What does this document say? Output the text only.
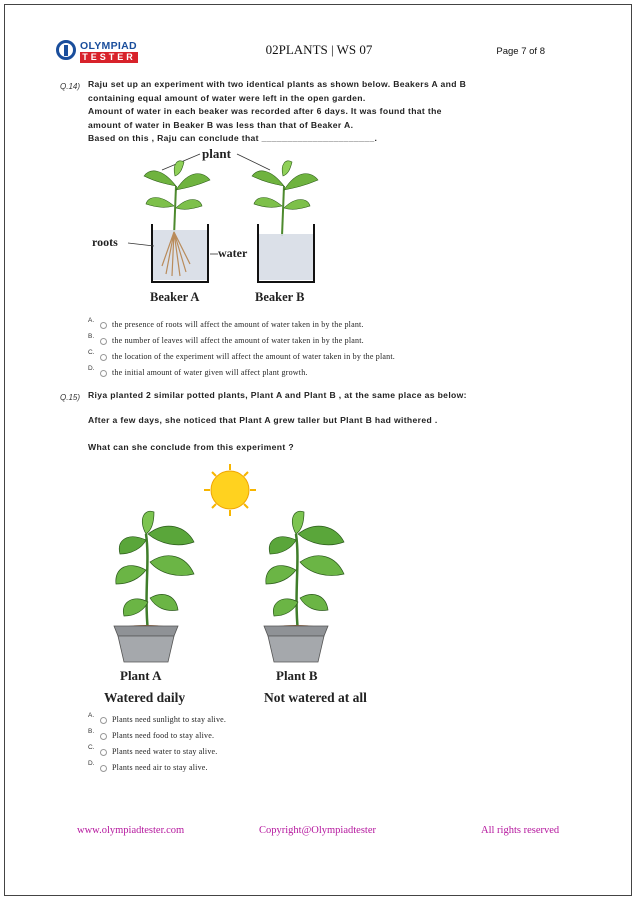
OLYMPIAD
TESTER	02PLANTS | WS 07	Page 7 of 8
Q.14) Raju set up an experiment with two identical plants as shown below. Beakers A and B
containing equal amount of water were left in the open garden.
Amount of water in each beaker was recorded after 6 days. It was found that the
amount of water in Beaker B was less than that of Beaker A.
Based on this , Raju can conclude that ______________________.
plant
roots
water
Beaker A	Beaker B
A. the presence of roots will affect the amount of water taken in by the plant.
B. the number of leaves will affect the amount of water taken in by the plant.
C. the location of the experiment will affect the amount of water taken in by the plant.
D. the initial amount of water given will affect plant growth.
Q.15) Riya planted 2 similar potted plants, Plant A and Plant B , at the same place as below:
After a few days, she noticed that Plant A grew taller but Plant B had withered .
What can she conclude from this experiment ?
Plant A	Plant B
Watered daily	Not watered at all
A. Plants need sunlight to stay alive.
B. Plants need food to stay alive.
C. Plants need water to stay alive.
D. Plants need air to stay alive.
www.olympiadtester.com	Copyright@Olympiadtester	All rights reserved
